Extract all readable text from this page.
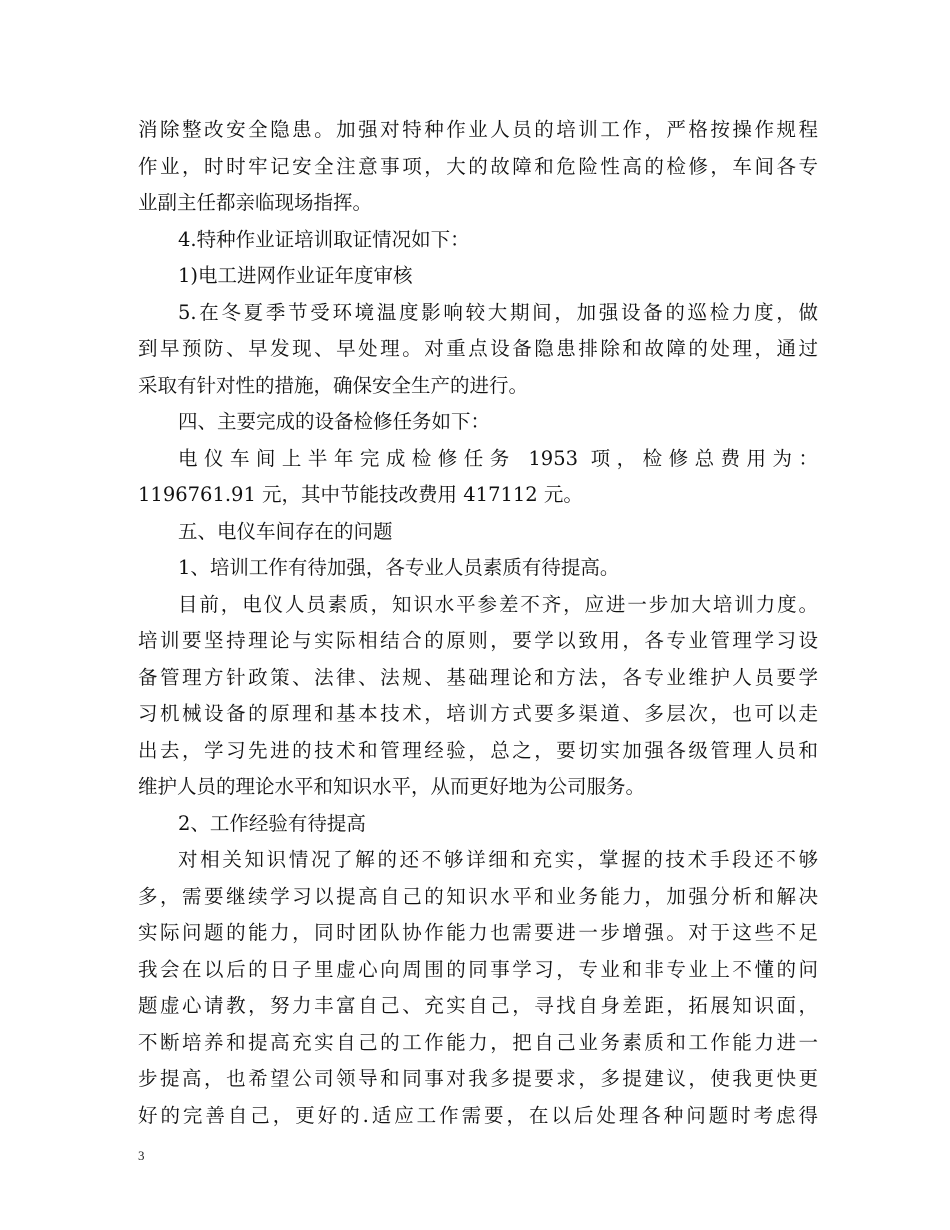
消除整改安全隐患。加强对特种作业人员的培训工作，严格按操作规程
作业，时时牢记安全注意事项，大的故障和危险性高的检修，车间各专
业副主任都亲临现场指挥。
4.特种作业证培训取证情况如下：
1)电工进网作业证年度审核
5.在冬夏季节受环境温度影响较大期间，加强设备的巡检力度，做
到早预防、早发现、早处理。对重点设备隐患排除和故障的处理，通过
采取有针对性的措施，确保安全生产的进行。
四、主要完成的设备检修任务如下：
电仪车间上半年完成检修任务 1953 项，检修总费用为：
1196761.91 元，其中节能技改费用 417112 元。
五、电仪车间存在的问题
1、培训工作有待加强，各专业人员素质有待提高。
目前，电仪人员素质，知识水平参差不齐，应进一步加大培训力度。
培训要坚持理论与实际相结合的原则，要学以致用，各专业管理学习设
备管理方针政策、法律、法规、基础理论和方法，各专业维护人员要学
习机械设备的原理和基本技术，培训方式要多渠道、多层次，也可以走
出去，学习先进的技术和管理经验，总之，要切实加强各级管理人员和
维护人员的理论水平和知识水平，从而更好地为公司服务。
2、工作经验有待提高
对相关知识情况了解的还不够详细和充实，掌握的技术手段还不够
多，需要继续学习以提高自己的知识水平和业务能力，加强分析和解决
实际问题的能力，同时团队协作能力也需要进一步增强。对于这些不足
我会在以后的日子里虚心向周围的同事学习，专业和非专业上不懂的问
题虚心请教，努力丰富自己、充实自己，寻找自身差距，拓展知识面，
不断培养和提高充实自己的工作能力，把自己业务素质和工作能力进一
步提高，也希望公司领导和同事对我多提要求，多提建议，使我更快更
好的完善自己，更好的.适应工作需要，在以后处理各种问题时考虑得
3
